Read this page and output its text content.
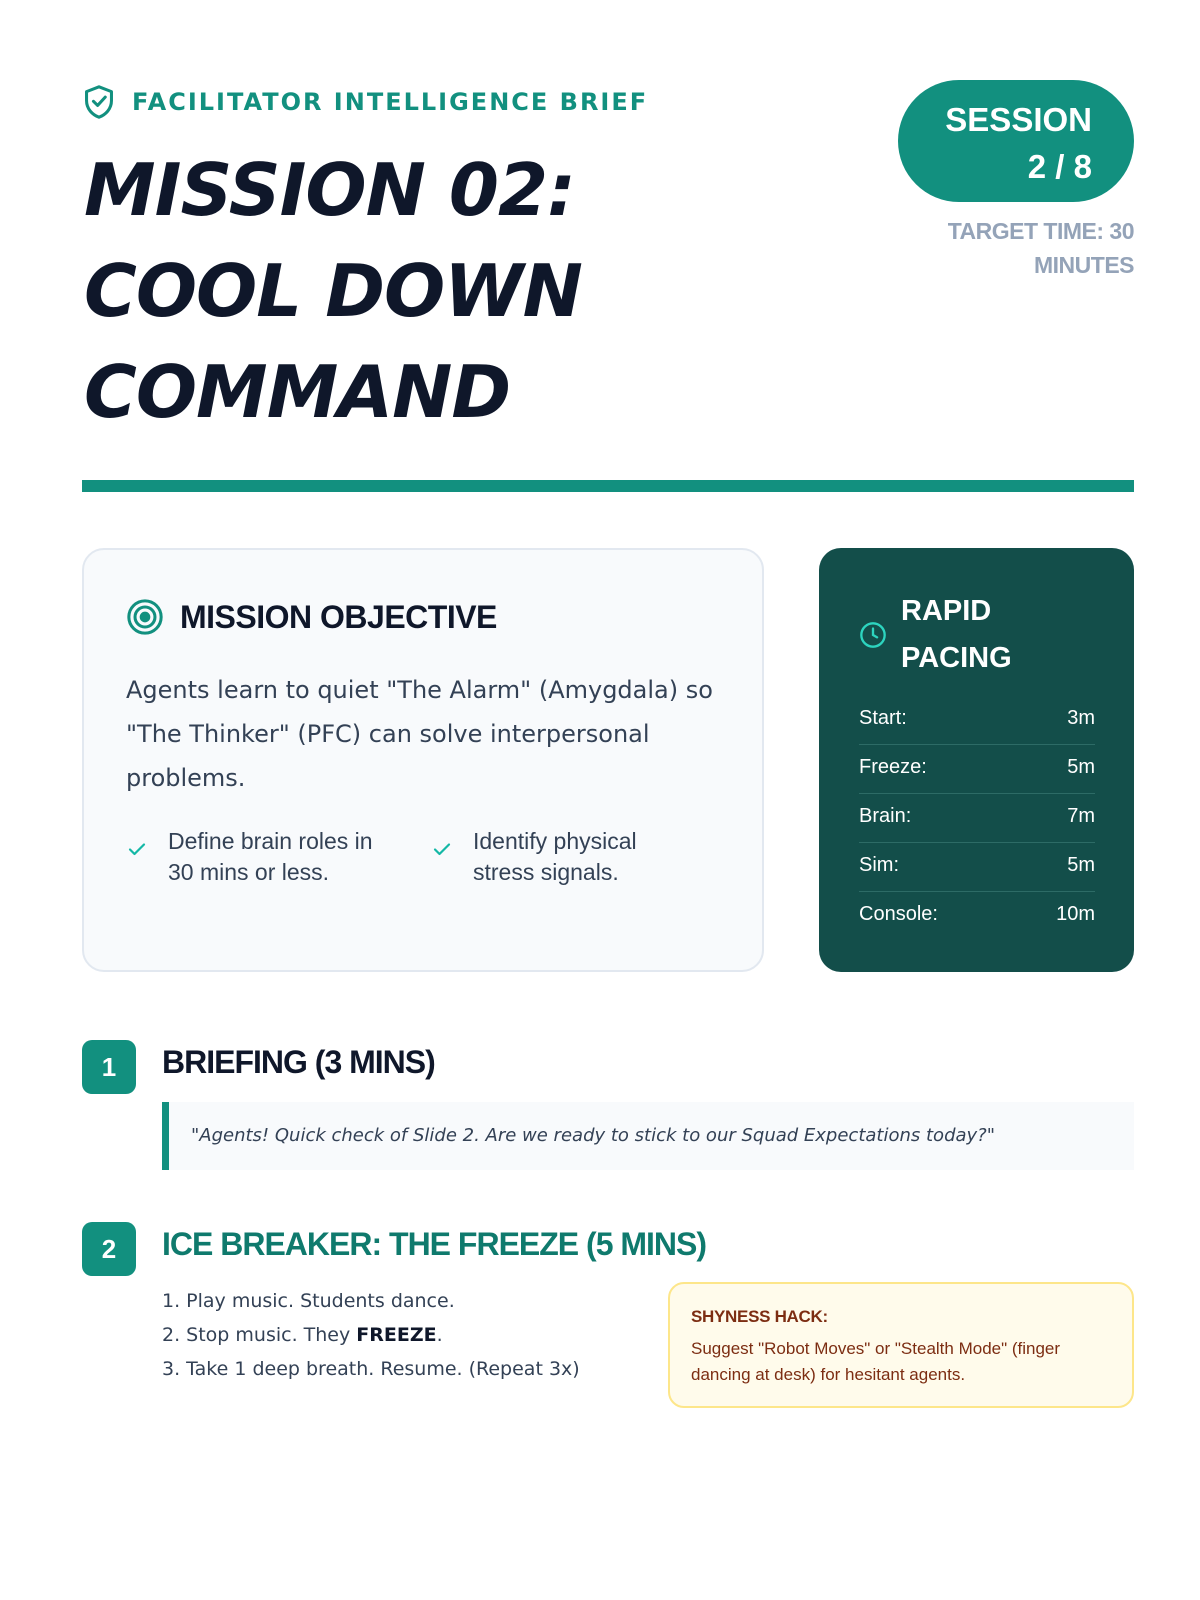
FACILITATOR INTELLIGENCE BRIEF
MISSION 02:
COOL DOWN
COMMAND
SESSION
2 / 8
TARGET TIME: 30
MINUTES
MISSION OBJECTIVE

Agents learn to quiet "The Alarm" (Amygdala) so "The Thinker" (PFC) can solve interpersonal problems.

Define brain roles in
30 mins or less.
Identify physical
stress signals.
RAPID
PACING
Start:	3m
Freeze:	5m
Brain:	7m
Sim:	5m
Console:	10m
1	BRIEFING (3 MINS)
"Agents! Quick check of Slide 2. Are we ready to stick to our Squad Expectations today?"
2	ICE BREAKER: THE FREEZE (5 MINS)
1. Play music. Students dance.
2. Stop music. They FREEZE.
3. Take 1 deep breath. Resume. (Repeat 3x)
SHYNESS HACK:
Suggest "Robot Moves" or "Stealth Mode" (finger
dancing at desk) for hesitant agents.
